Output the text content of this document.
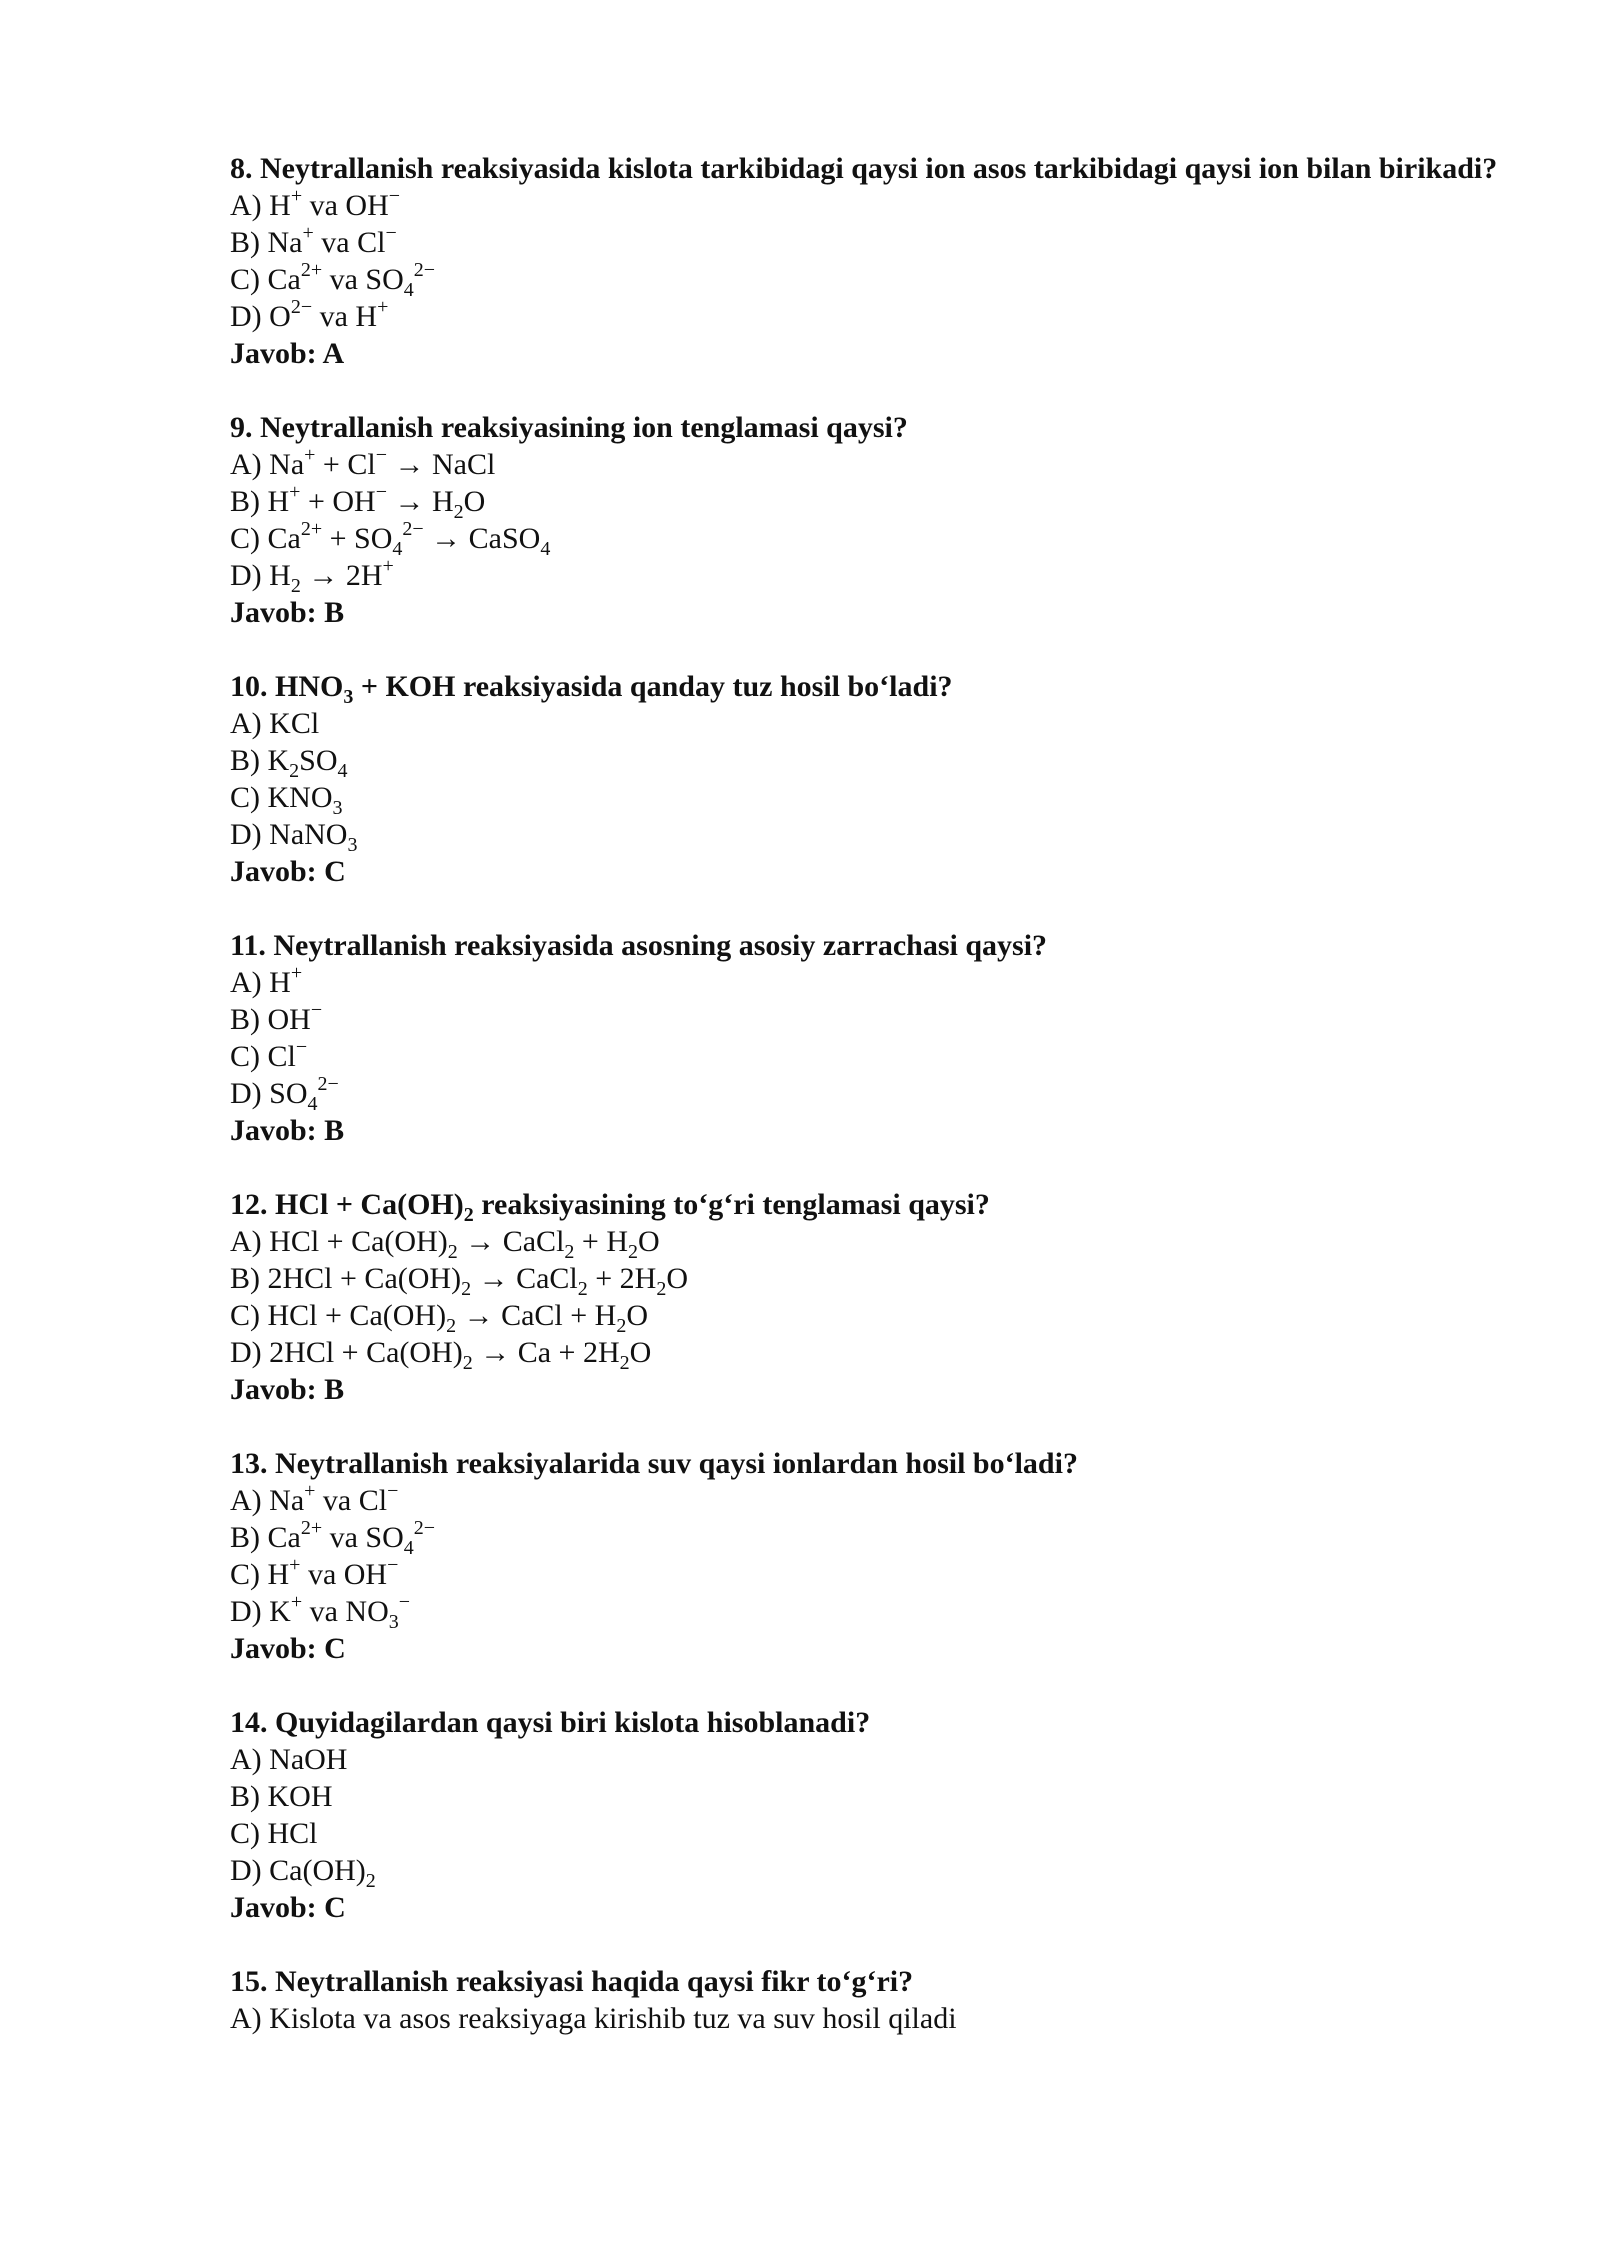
8. Neytrallanish reaksiyasida kislota tarkibidagi qaysi ion asos tarkibidagi qaysi ion bilan birikadi?
A) H+ va OH−
B) Na+ va Cl−
C) $Ca^{2+}$ va $SO_4^{2-}$
D) $O^{2-}$ va H+
Javob: A
9. Neytrallanish reaksiyasining ion tenglamasi qaysi?
A) Na+ + Cl− → NaCl
B) $H^+ + OH^- \to H_2O$
C) $Ca^{2+} + SO_4^{2-}$ → CaSO$_4$
D) $H_2 \to 2H^+$
Javob: B
10. $HNO_3$ + KOH reaksiyasida qanday tuz hosil bo‘ladi?
A) KCl
B) $K_2SO_4$
C) $KNO_3$
D) NaNO$_3$
Javob: C
11. Neytrallanish reaksiyasida asosning asosiy zarrachasi qaysi?
A) H+
B) OH−
C) Cl−
D) $SO_4^{2-}$
Javob: B
12. HCl + $Ca(OH)_2$ reaksiyasining to‘g‘ri tenglamasi qaysi?
A) HCl + $Ca(OH)_2$ → CaCl$_2$ + $H_2O$
B) $2HCl + Ca(OH)_2$ → CaCl$_2$ + $2H_2O$
C) HCl + $Ca(OH)_2$ → CaCl + $H_2O$
D) $2HCl + Ca(OH)_2 \to Ca + 2H_2O$
Javob: B
13. Neytrallanish reaksiyalarida suv qaysi ionlardan hosil bo‘ladi?
A) Na+ va Cl−
B) $Ca^{2+}$ va $SO_4^{2-}$
C) H+ va OH−
D) K+ va $NO_3^-$
Javob: C
14. Quyidagilardan qaysi biri kislota hisoblanadi?
A) NaOH
B) KOH
C) HCl
D) $Ca(OH)_2$
Javob: C
15. Neytrallanish reaksiyasi haqida qaysi fikr to‘g‘ri?
A) Kislota va asos reaksiyaga kirishib tuz va suv hosil qiladi
